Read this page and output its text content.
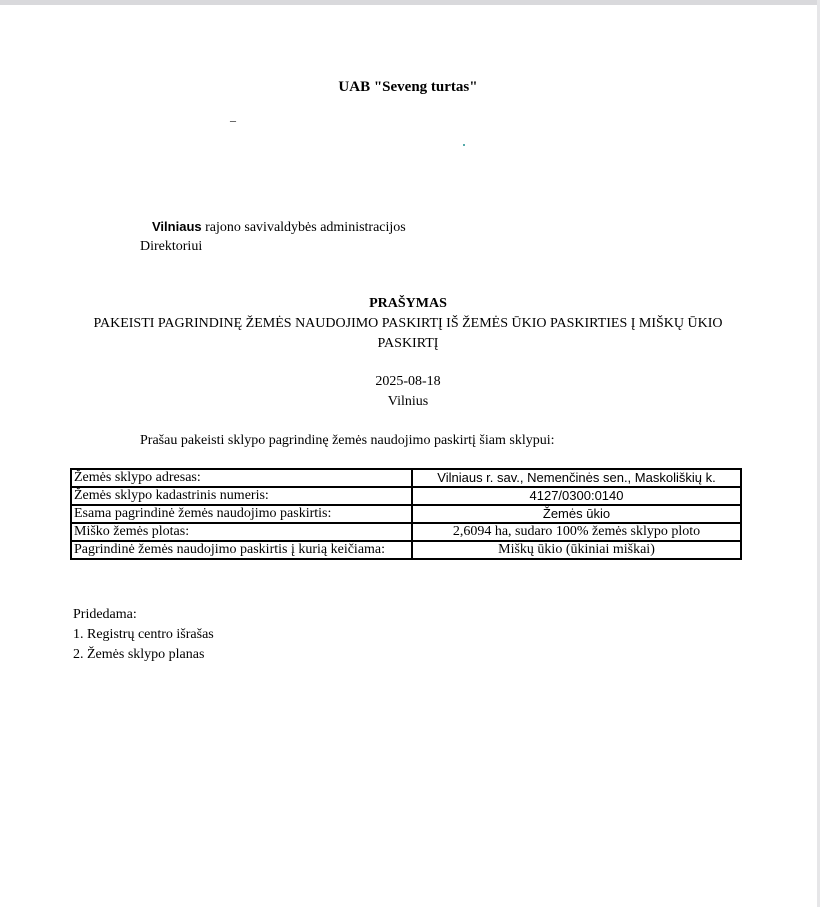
UAB "Seveng turtas"
–
Vilniaus rajono savivaldybės administracijos
Direktoriui
PRAŠYMAS
PAKEISTI PAGRINDINĘ ŽEMĖS NAUDOJIMO PASKIRTĮ IŠ ŽEMĖS ŪKIO PASKIRTIES Į MIŠKŲ ŪKIO
PASKIRTĮ
2025-08-18
Vilnius
Prašau pakeisti sklypo pagrindinę žemės naudojimo paskirtį šiam sklypui:
Žemės sklypo adresas:	Vilniaus r. sav., Nemenčinės sen., Maskoliškių k.
Žemės sklypo kadastrinis numeris:	4127/0300:0140
Esama pagrindinė žemės naudojimo paskirtis:	Žemės ūkio
Miško žemės plotas:	2,6094 ha, sudaro 100% žemės sklypo ploto
Pagrindinė žemės naudojimo paskirtis į kurią keičiama:	Miškų ūkio (ūkiniai miškai)
Pridedama:
1. Registrų centro išrašas
2. Žemės sklypo planas
